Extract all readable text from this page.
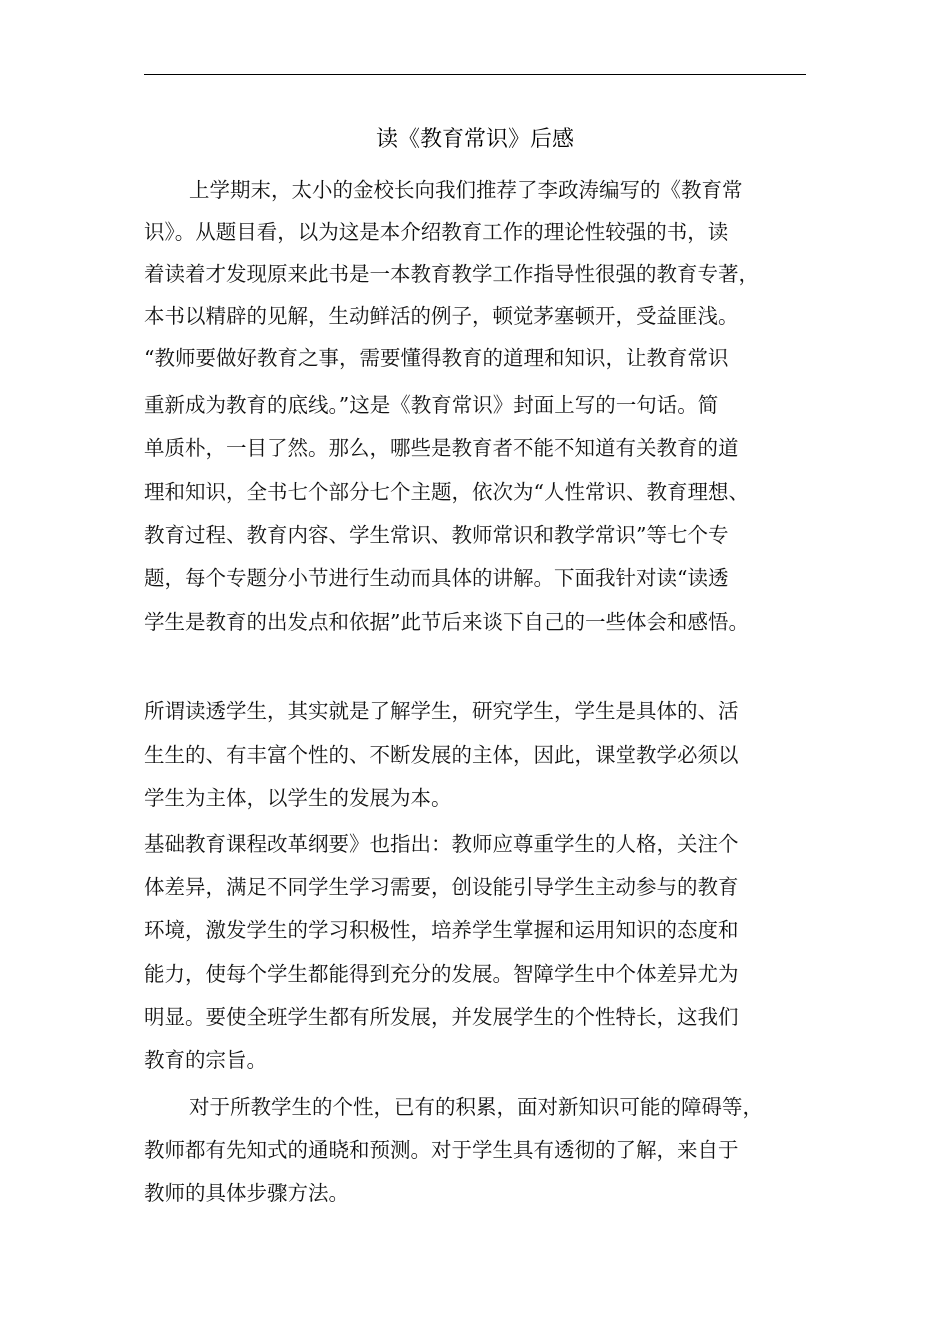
读《教育常识》后感
上学期末，太小的金校长向我们推荐了李政涛编写的《教育常
识》。从题目看，以为这是本介绍教育工作的理论性较强的书，读
着读着才发现原来此书是一本教育教学工作指导性很强的教育专著，
本书以精辟的见解，生动鲜活的例子，顿觉茅塞顿开，受益匪浅。
“教师要做好教育之事，需要懂得教育的道理和知识，让教育常识
重新成为教育的底线。”这是《教育常识》封面上写的一句话。简
单质朴，一目了然。那么，哪些是教育者不能不知道有关教育的道
理和知识，全书七个部分七个主题，依次为“人性常识、教育理想、
教育过程、教育内容、学生常识、教师常识和教学常识”等七个专
题，每个专题分小节进行生动而具体的讲解。下面我针对读“读透
学生是教育的出发点和依据”此节后来谈下自己的一些体会和感悟。
所谓读透学生，其实就是了解学生，研究学生，学生是具体的、活
生生的、有丰富个性的、不断发展的主体，因此，课堂教学必须以
学生为主体，以学生的发展为本。
基础教育课程改革纲要》也指出：教师应尊重学生的人格，关注个
体差异，满足不同学生学习需要，创设能引导学生主动参与的教育
环境，激发学生的学习积极性，培养学生掌握和运用知识的态度和
能力，使每个学生都能得到充分的发展。智障学生中个体差异尤为
明显。要使全班学生都有所发展，并发展学生的个性特长，这我们
教育的宗旨。
对于所教学生的个性，已有的积累，面对新知识可能的障碍等，
教师都有先知式的通晓和预测。对于学生具有透彻的了解，来自于
教师的具体步骤方法。
